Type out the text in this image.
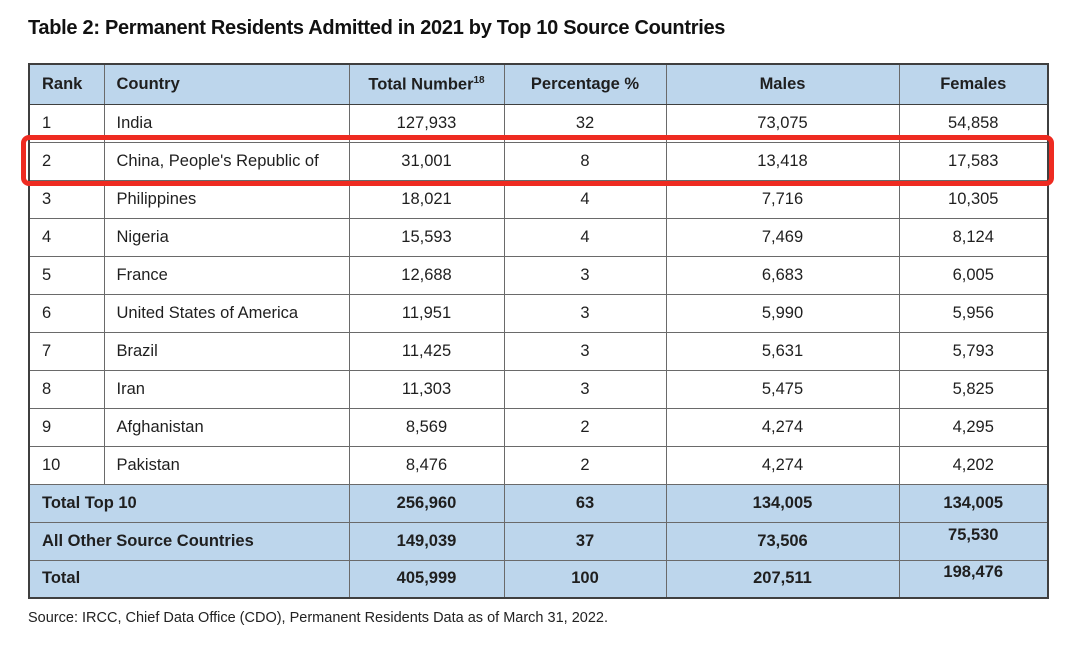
Table 2: Permanent Residents Admitted in 2021 by Top 10 Source Countries
Rank	Country	Total Number$^{18}$	Percentage %	Males	Females
1	India	127,933	32	73,075	54,858
2	China, People's Republic of	31,001	8	13,418	17,583
3	Philippines	18,021	4	7,716	10,305
4	Nigeria	15,593	4	7,469	8,124
5	France	12,688	3	6,683	6,005
6	United States of America	11,951	3	5,990	5,956
7	Brazil	11,425	3	5,631	5,793
8	Iran	11,303	3	5,475	5,825
9	Afghanistan	8,569	2	4,274	4,295
10	Pakistan	8,476	2	4,274	4,202
Total Top 10		256,960	63	134,005	134,005
All Other Source Countries		149,039	37	73,506	75,530
Total		405,999	100	207,511	198,476
Source: IRCC, Chief Data Office (CDO), Permanent Residents Data as of March 31, 2022.
